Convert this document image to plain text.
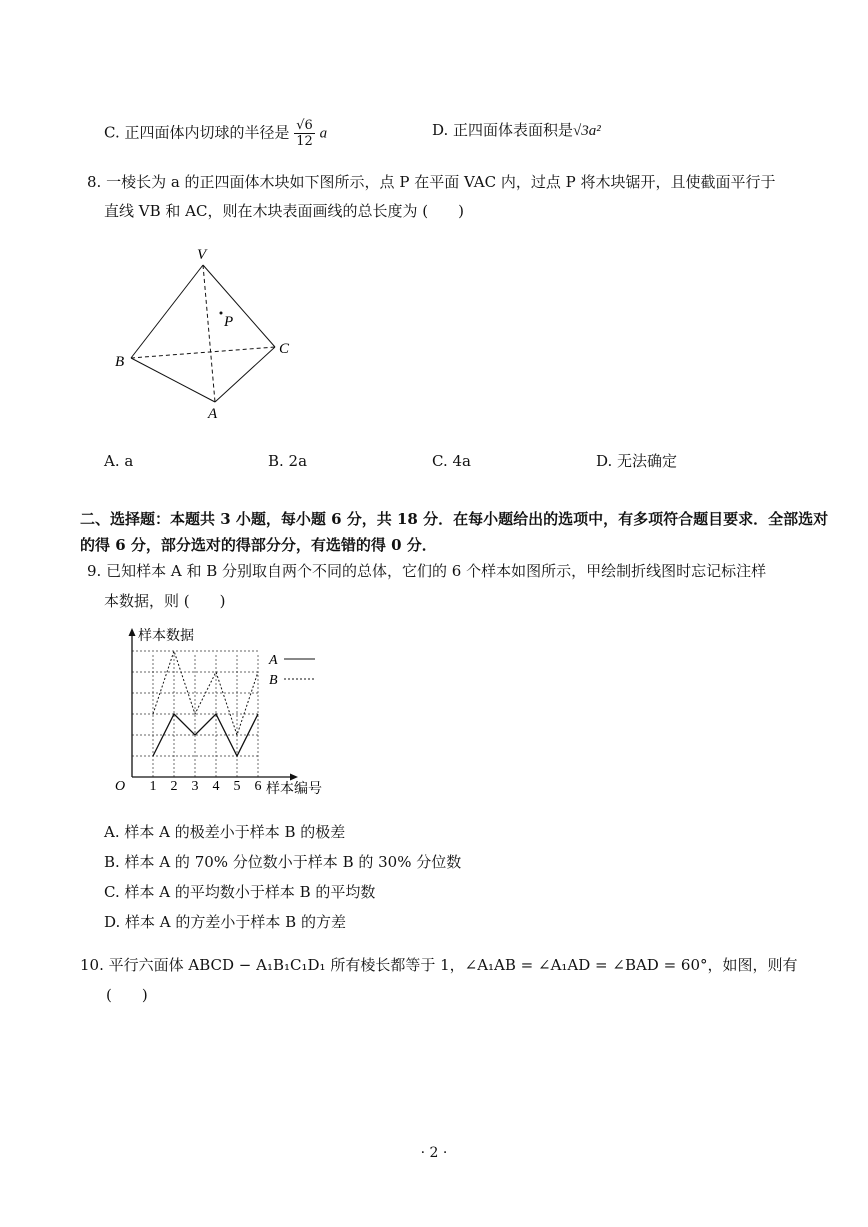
C. 正四面体内切球的半径是 $\frac{√6}{12}$ a	D. 正四面体表面积是√3a²
8. 一棱长为 a 的正四面体木块如下图所示，点 P 在平面 VAC 内，过点 P 将木块锯开，且使截面平行于
直线 VB 和 AC，则在木块表面画线的总长度为 (　　)
V
P
B
C
A
A. a	B. 2a	C. 4a	D. 无法确定
二、选择题：本题共 3 小题，每小题 6 分，共 18 分．在每小题给出的选项中，有多项符合题目要求．全部选对
的得 6 分，部分选对的得部分分，有选错的得 0 分．
9. 已知样本 A 和 B 分别取自两个不同的总体，它们的 6 个样本如图所示，甲绘制折线图时忘记标注样
本数据，则 (　　)
样本数据
样本编号
O 1 2 3 4 5 6
A
B
A. 样本 A 的极差小于样本 B 的极差
B. 样本 A 的 70% 分位数小于样本 B 的 30% 分位数
C. 样本 A 的平均数小于样本 B 的平均数
D. 样本 A 的方差小于样本 B 的方差
10. 平行六面体 ABCD − A₁B₁C₁D₁ 所有棱长都等于 1，∠A₁AB = ∠A₁AD = ∠BAD = 60°，如图，则有
(　　)
· 2 ·
